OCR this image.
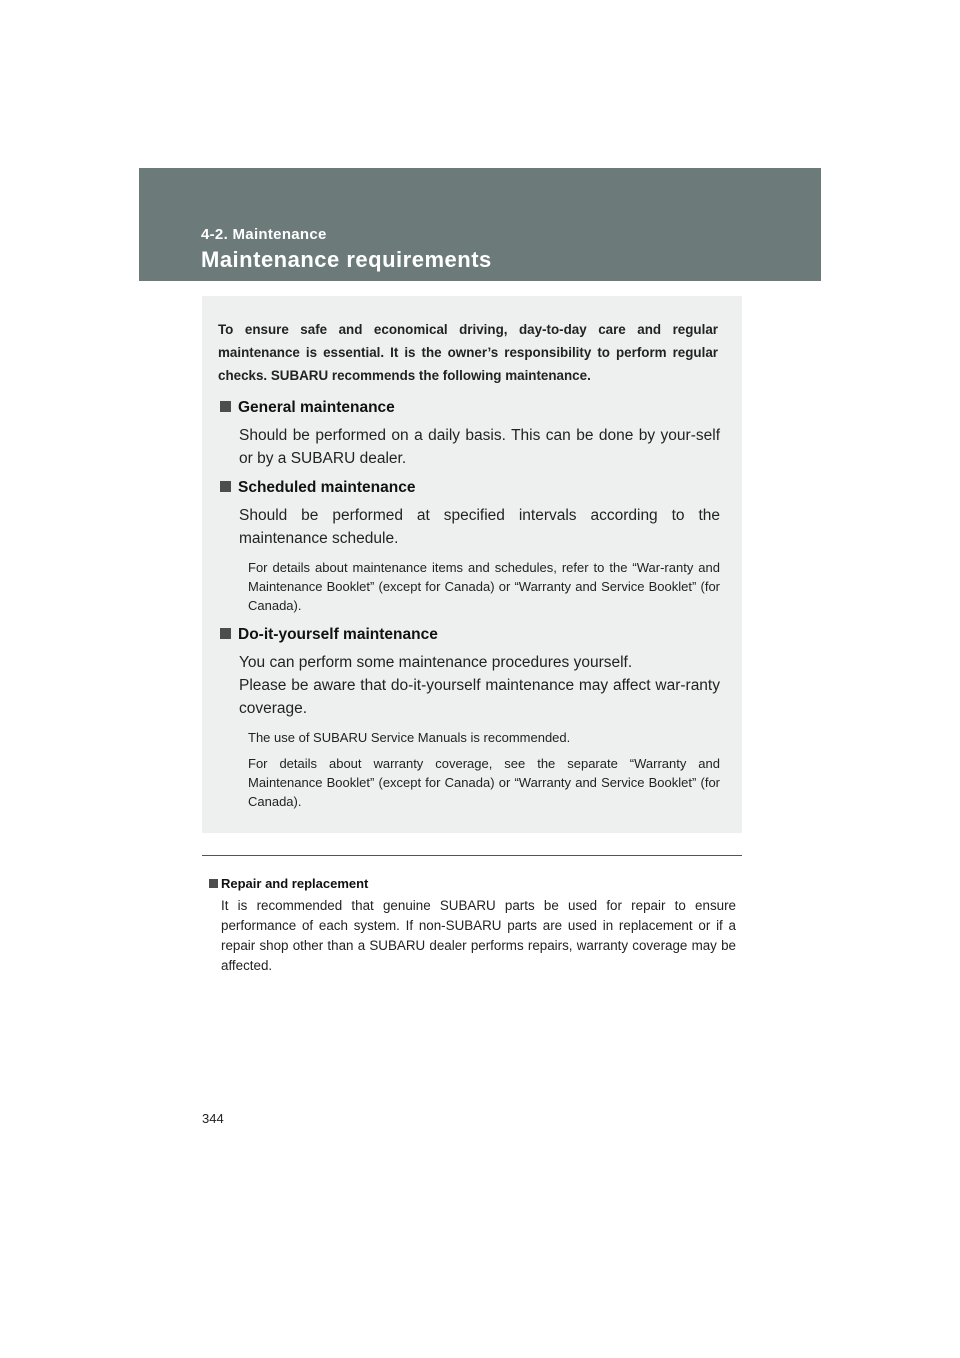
4-2. Maintenance
Maintenance requirements
To ensure safe and economical driving, day-to-day care and regular maintenance is essential. It is the owner’s responsibility to perform regular checks. SUBARU recommends the following maintenance.
General maintenance
Should be performed on a daily basis. This can be done by your-self or by a SUBARU dealer.
Scheduled maintenance
Should be performed at specified intervals according to the maintenance schedule.
For details about maintenance items and schedules, refer to the “War-ranty and Maintenance Booklet” (except for Canada) or “Warranty and Service Booklet” (for Canada).
Do-it-yourself maintenance
You can perform some maintenance procedures yourself.
Please be aware that do-it-yourself maintenance may affect war-ranty coverage.
The use of SUBARU Service Manuals is recommended.
For details about warranty coverage, see the separate “Warranty and Maintenance Booklet” (except for Canada) or “Warranty and Service Booklet” (for Canada).
Repair and replacement
It is recommended that genuine SUBARU parts be used for repair to ensure performance of each system. If non-SUBARU parts are used in replacement or if a repair shop other than a SUBARU dealer performs repairs, warranty coverage may be affected.
344
